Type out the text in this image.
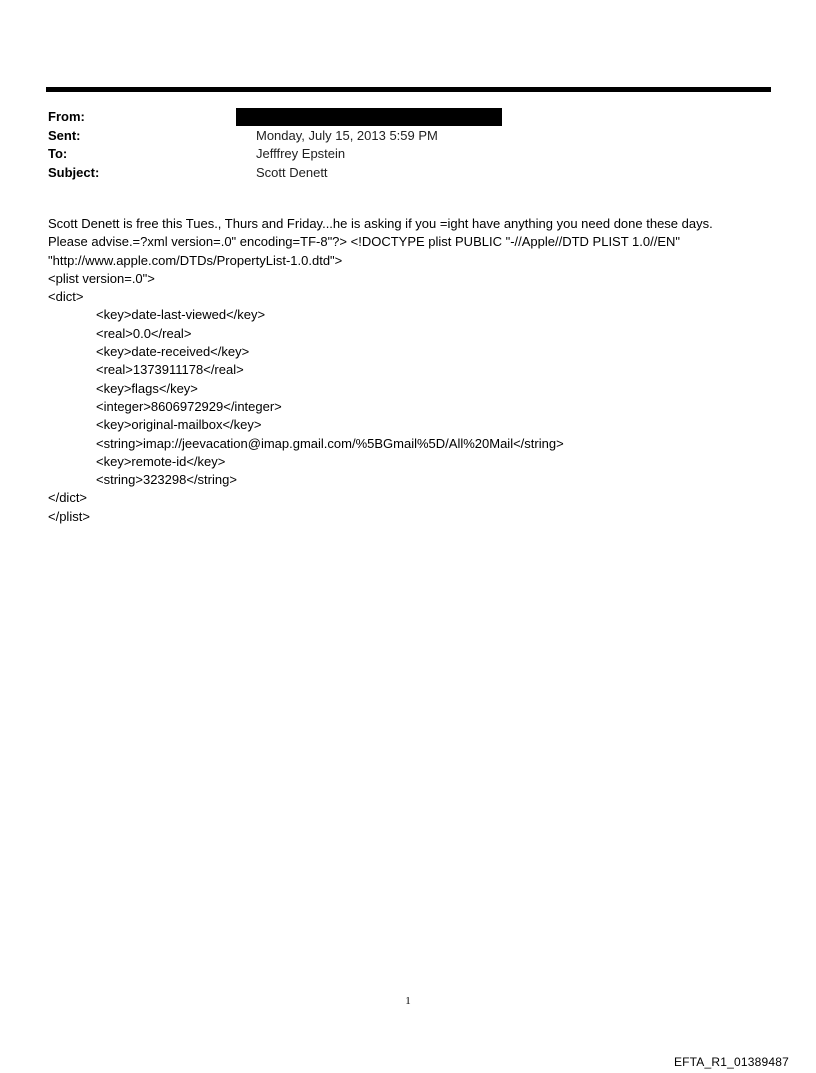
From:
Sent:	Monday, July 15, 2013 5:59 PM
To:	Jefffrey Epstein
Subject:	Scott Denett
Scott Denett is free this Tues., Thurs and Friday...he is asking if you =ight have anything you need done these days.
Please advise.=?xml version=.0" encoding=TF-8"?> <!DOCTYPE plist PUBLIC "-//Apple//DTD PLIST 1.0//EN"
"http://www.apple.com/DTDs/PropertyList-1.0.dtd">
<plist version=.0">
<dict>
<key>date-last-viewed</key>
<real>0.0</real>
<key>date-received</key>
<real>1373911178</real>
<key>flags</key>
<integer>8606972929</integer>
<key>original-mailbox</key>
<string>imap://jeevacation@imap.gmail.com/%5BGmail%5D/All%20Mail</string>
<key>remote-id</key>
<string>323298</string>
</dict>
</plist>
1
EFTA_R1_01389487
